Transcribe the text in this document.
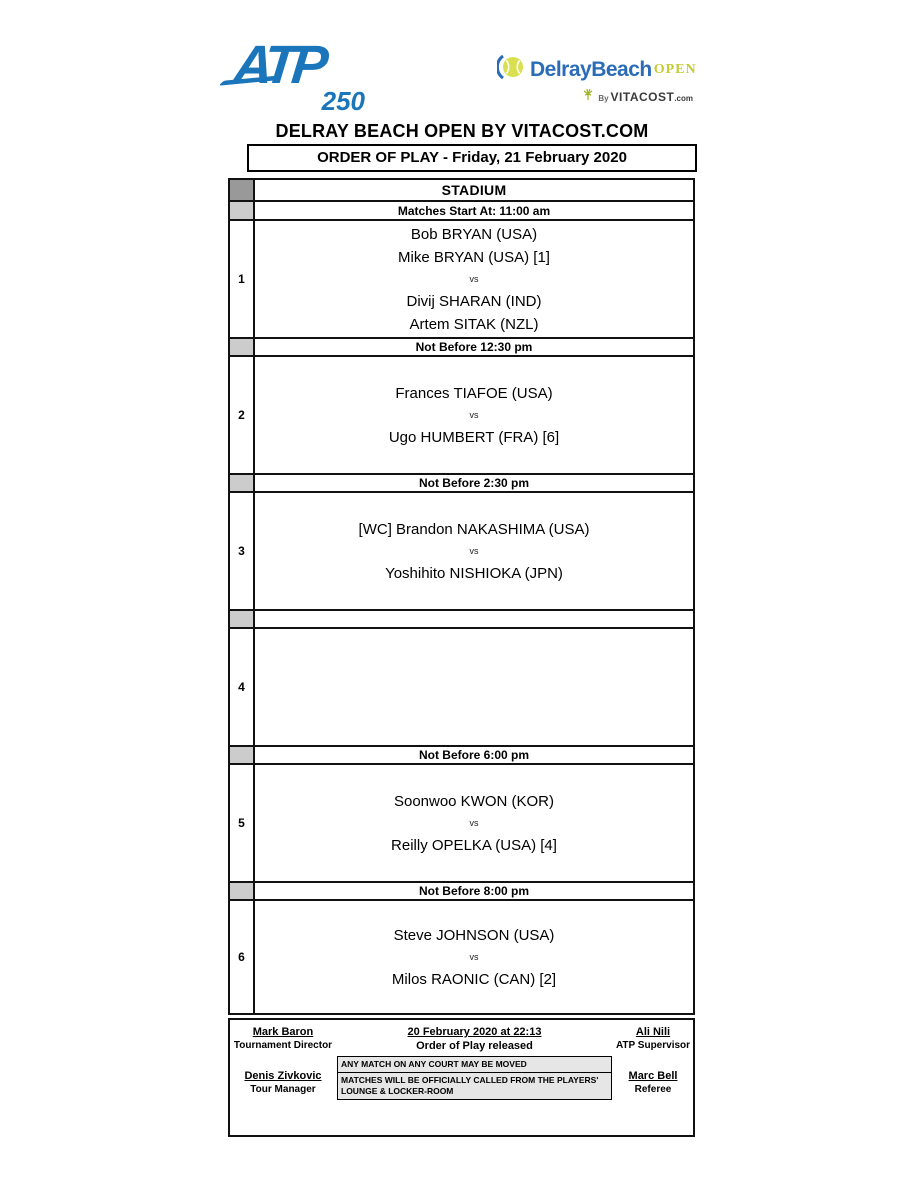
ATP
250
DelrayBeach OPEN
By VITACOST.com
DELRAY BEACH OPEN BY VITACOST.COM
ORDER OF PLAY - Friday, 21 February 2020
STADIUM
Matches Start At: 11:00 am
1
Bob BRYAN (USA)
Mike BRYAN (USA) [1]
vs
Divij SHARAN (IND)
Artem SITAK (NZL)
Not Before 12:30 pm
2
Frances TIAFOE (USA)
vs
Ugo HUMBERT (FRA) [6]
Not Before 2:30 pm
3
[WC] Brandon NAKASHIMA (USA)
vs
Yoshihito NISHIOKA (JPN)
4
Not Before 6:00 pm
5
Soonwoo KWON (KOR)
vs
Reilly OPELKA (USA) [4]
Not Before 8:00 pm
6
Steve JOHNSON (USA)
vs
Milos RAONIC (CAN) [2]
Mark Baron
Tournament Director
Denis Zivkovic
Tour Manager
20 February 2020 at 22:13
Order of Play released
ANY MATCH ON ANY COURT MAY BE MOVED
MATCHES WILL BE OFFICIALLY CALLED FROM THE PLAYERS' LOUNGE & LOCKER-ROOM
Ali Nili
ATP Supervisor
Marc Bell
Referee
